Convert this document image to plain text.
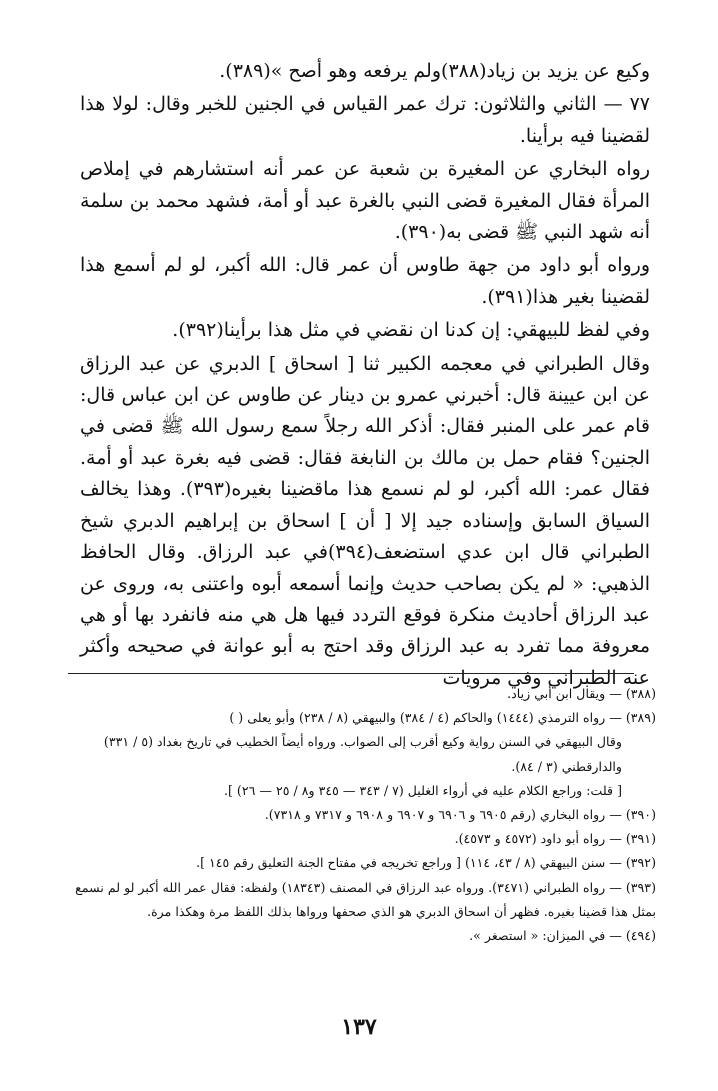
وكيع عن يزيد بن زياد(٣٨٨)ولم يرفعه وهو أصح »(٣٨٩).

٧٧ — الثاني والثلاثون: ترك عمر القياس في الجنين للخبر وقال: لولا هذا لقضينا فيه برأينا.

رواه البخاري عن المغيرة بن شعبة عن عمر أنه استشارهم في إملاص المرأة فقال المغيرة قضى النبي بالغرة عبد أو أمة، فشهد محمد بن سلمة أنه شهد النبي ﷺ قضى به(٣٩٠).

ورواه أبو داود من جهة طاوس أن عمر قال: الله أكبر، لو لم أسمع هذا لقضينا بغير هذا(٣٩١).

وفي لفظ للبيهقي: إن كدنا ان نقضي في مثل هذا برأينا(٣٩٢).

وقال الطبراني في معجمه الكبير ثنا [ اسحاق ] الدبري عن عبد الرزاق عن ابن عيينة قال: أخبرني عمرو بن دينار عن طاوس عن ابن عباس قال: قام عمر على المنبر فقال: أذكر الله رجلاً سمع رسول الله ﷺ قضى في الجنين؟ فقام حمل بن مالك بن النابغة فقال: قضى فيه بغرة عبد أو أمة. فقال عمر: الله أكبر، لو لم نسمع هذا ماقضينا بغيره(٣٩٣). وهذا يخالف السياق السابق وإسناده جيد إلا [ أن ] اسحاق بن إبراهيم الدبري شيخ الطبراني قال ابن عدي استضعف(٣٩٤)في عبد الرزاق. وقال الحافظ الذهبي: « لم يكن بصاحب حديث وإنما أسمعه أبوه واعتنى به، وروى عن عبد الرزاق أحاديث منكرة فوقع التردد فيها هل هي منه فانفرد بها أو هي معروفة مما تفرد به عبد الرزاق وقد احتج به أبو عوانة في صحيحه وأكثر عنه الطبراني وفي مرويات

(٣٨٨) — ويقال ابن أبي زياد.

(٣٨٩) — رواه الترمذي (١٤٤٤) والحاكم (٤ / ٣٨٤) والبيهقي (٨ / ٢٣٨) وأبو يعلى ( )

وقال البيهقي في السنن رواية وكيع أقرب إلى الصواب. ورواه أيضاً الخطيب في تاريخ بغداد (٥ / ٣٣١) والدارقطني (٣ / ٨٤).

[ قلت: وراجع الكلام عليه في أرواء الغليل (٧ / ٣٤٣ — ٣٤٥ و٨ / ٢٥ — ٢٦) ].

(٣٩٠) — رواه البخاري (رقم ٦٩٠٥ و ٦٩٠٦ و ٦٩٠٧ و ٦٩٠٨ و ٧٣١٧ و ٧٣١٨).

(٣٩١) — رواه أبو داود (٤٥٧٢ و ٤٥٧٣).

(٣٩٢) — سنن البيهقي (٨ / ٤٣، ١١٤) [ وراجع تخريجه في مفتاح الجنة التعليق رقم ١٤٥ ].

(٣٩٣) — رواه الطبراني (٣٤٧١). ورواه عبد الرزاق في المصنف (١٨٣٤٣) ولفظه: فقال عمر الله أكبر لو لم نسمع بمثل هذا قضينا بغيره. فظهر أن اسحاق الدبري هو الذي صحفها ورواها بذلك اللفظ مرة وهكذا مرة.

(٤٩٤) — في الميزان: « استصغر ».

١٣٧
